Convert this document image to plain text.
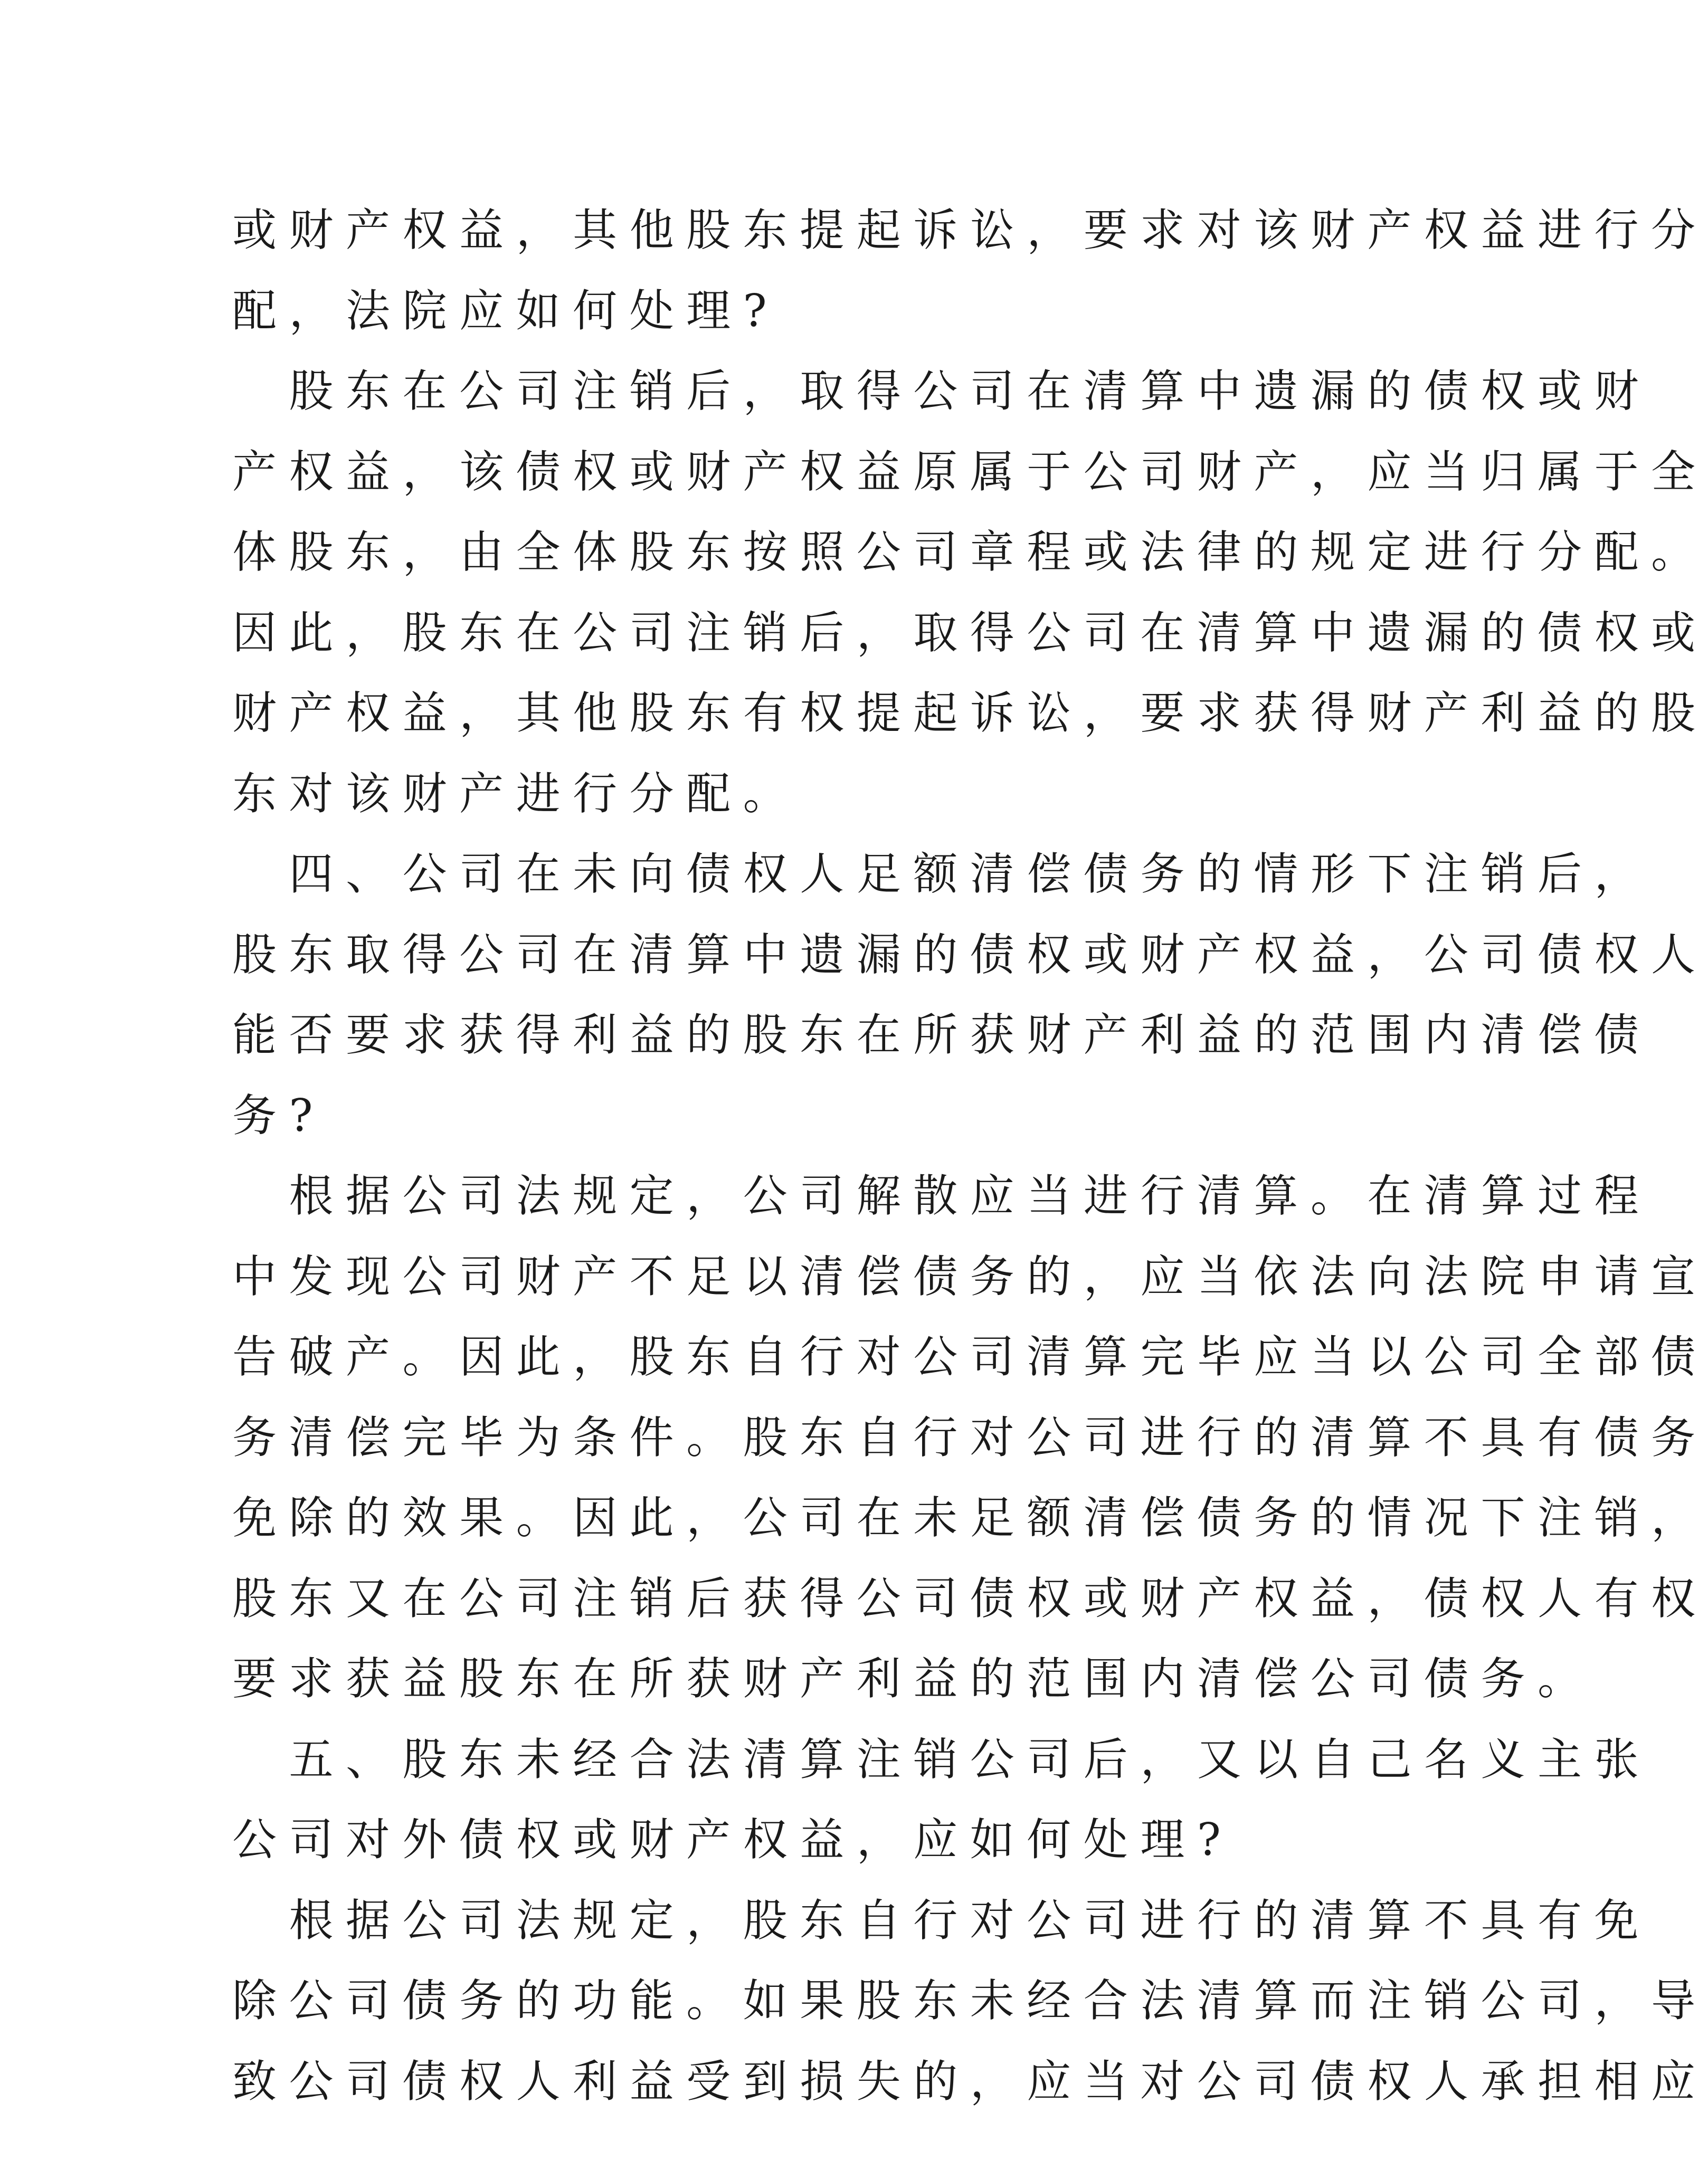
或财产权益，其他股东提起诉讼，要求对该财产权益进行分
配，法院应如何处理?
　股东在公司注销后，取得公司在清算中遗漏的债权或财
产权益，该债权或财产权益原属于公司财产，应当归属于全
体股东，由全体股东按照公司章程或法律的规定进行分配。
因此，股东在公司注销后，取得公司在清算中遗漏的债权或
财产权益，其他股东有权提起诉讼，要求获得财产利益的股
东对该财产进行分配。
　四、公司在未向债权人足额清偿债务的情形下注销后，
股东取得公司在清算中遗漏的债权或财产权益，公司债权人
能否要求获得利益的股东在所获财产利益的范围内清偿债
务?
　根据公司法规定，公司解散应当进行清算。在清算过程
中发现公司财产不足以清偿债务的，应当依法向法院申请宣
告破产。因此，股东自行对公司清算完毕应当以公司全部债
务清偿完毕为条件。股东自行对公司进行的清算不具有债务
免除的效果。因此，公司在未足额清偿债务的情况下注销，
股东又在公司注销后获得公司债权或财产权益，债权人有权
要求获益股东在所获财产利益的范围内清偿公司债务。
　五、股东未经合法清算注销公司后，又以自己名义主张
公司对外债权或财产权益，应如何处理?
　根据公司法规定，股东自行对公司进行的清算不具有免
除公司债务的功能。如果股东未经合法清算而注销公司，导
致公司债权人利益受到损失的，应当对公司债权人承担相应
